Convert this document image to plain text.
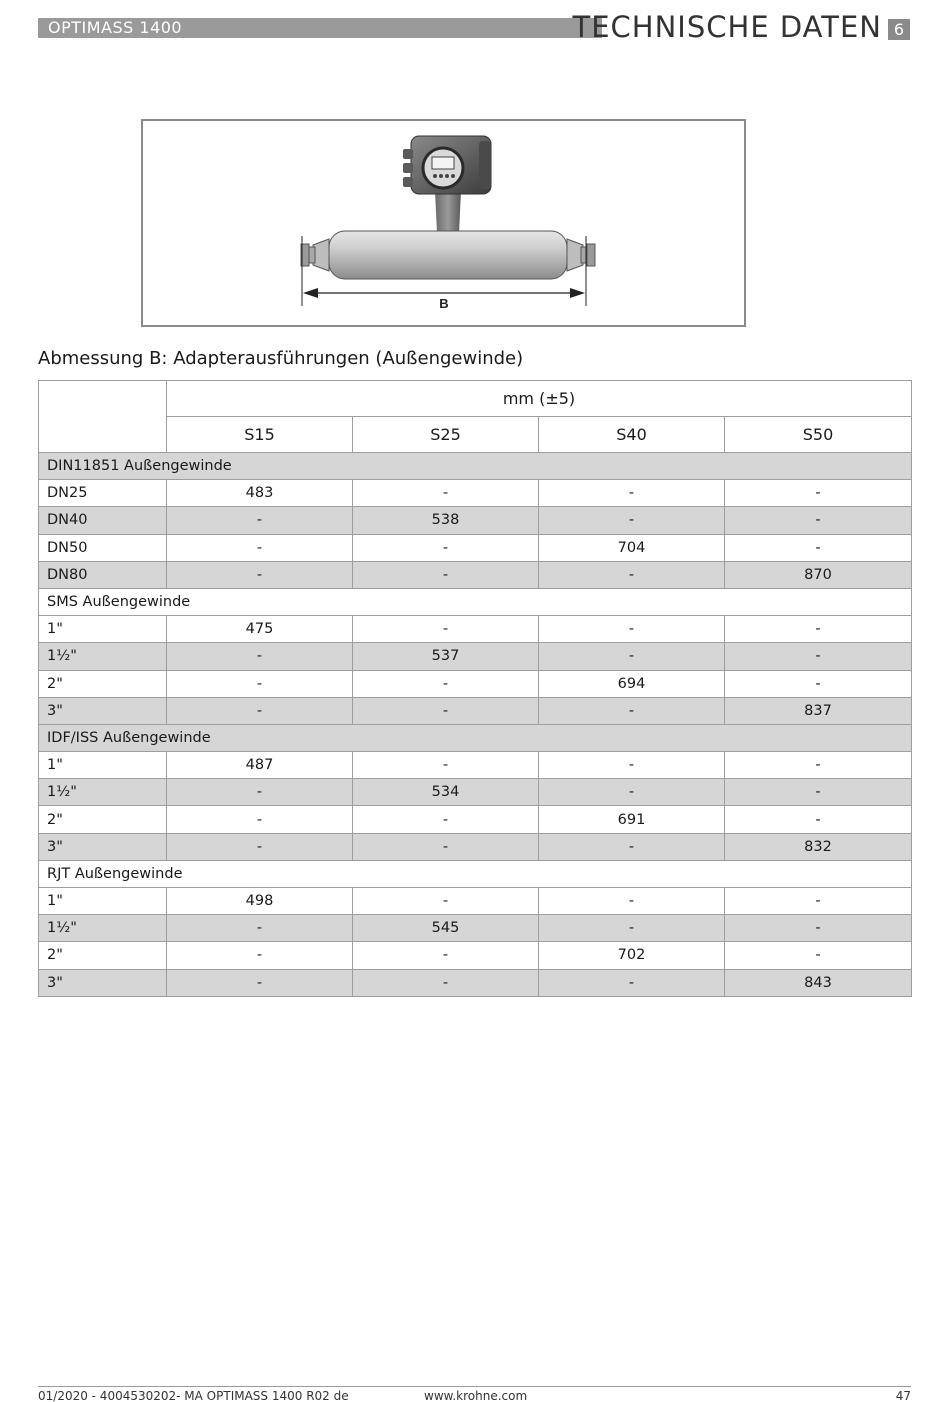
OPTIMASS 1400	TECHNISCHE DATEN 6
B
Abmessung B: Adapterausführungen (Außengewinde)
	mm (±5)			
	S15	S25	S40	S50
DIN11851 Außengewinde				
DN25	483	-	-	-
DN40	-	538	-	-
DN50	-	-	704	-
DN80	-	-	-	870
SMS Außengewinde				
1"	475	-	-	-
1½"	-	537	-	-
2"	-	-	694	-
3"	-	-	-	837
IDF/ISS Außengewinde				
1"	487	-	-	-
1½"	-	534	-	-
2"	-	-	691	-
3"	-	-	-	832
RJT Außengewinde				
1"	498	-	-	-
1½"	-	545	-	-
2"	-	-	702	-
3"	-	-	-	843
01/2020 - 4004530202- MA OPTIMASS 1400 R02 de	www.krohne.com	47
